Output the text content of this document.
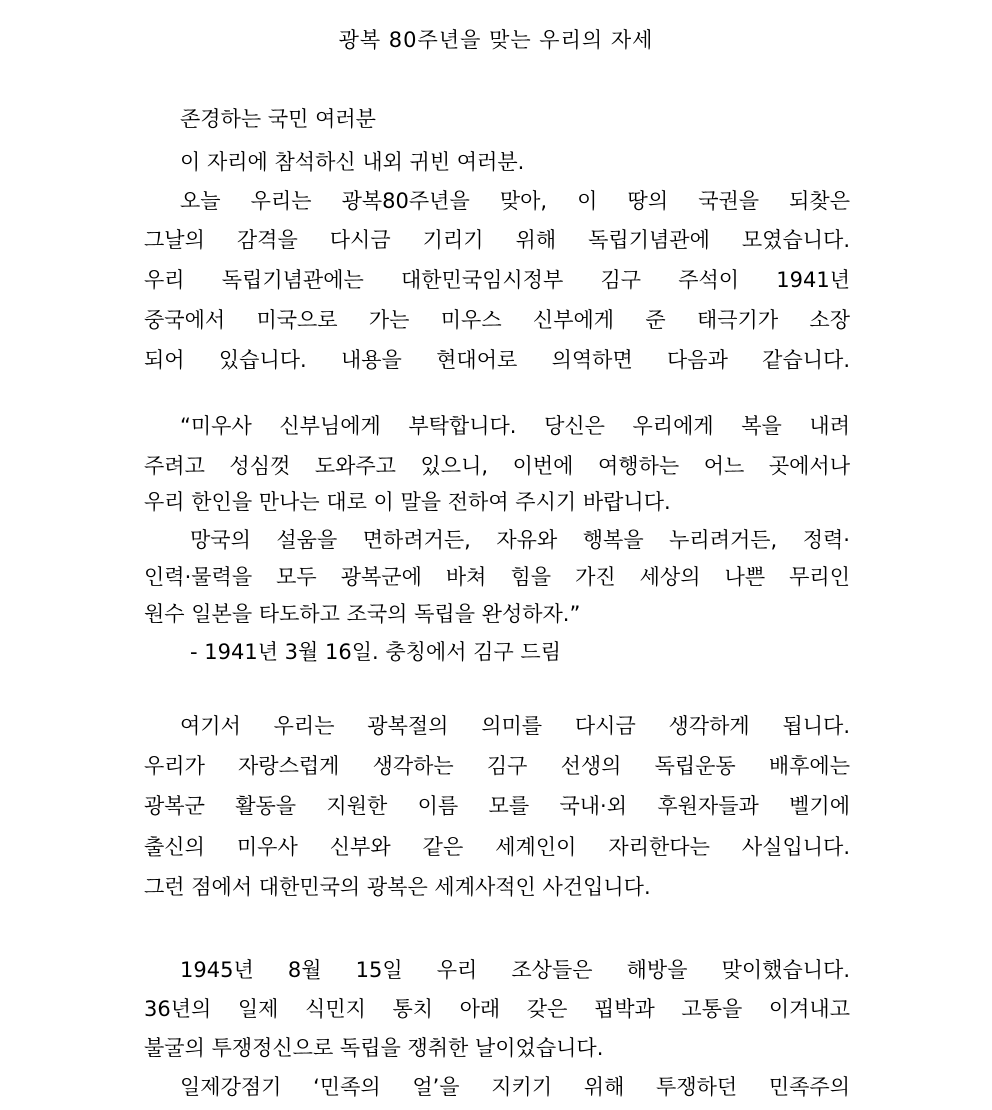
광복 80주년을 맞는 우리의 자세
존경하는 국민 여러분
이 자리에 참석하신 내외 귀빈 여러분.
오늘 우리는 광복80주년을 맞아, 이 땅의 국권을 되찾은
그날의 감격을 다시금 기리기 위해 독립기념관에 모였습니다.
우리 독립기념관에는 대한민국임시정부 김구 주석이 1941년
중국에서 미국으로 가는 미우스 신부에게 준 태극기가 소장
되어 있습니다. 내용을 현대어로 의역하면 다음과 같습니다.
“미우사 신부님에게 부탁합니다. 당신은 우리에게 복을 내려
주려고 성심껏 도와주고 있으니, 이번에 여행하는 어느 곳에서나
우리 한인을 만나는 대로 이 말을 전하여 주시기 바랍니다.
망국의 설움을 면하려거든, 자유와 행복을 누리려거든, 정력·
인력·물력을 모두 광복군에 바쳐 힘을 가진 세상의 나쁜 무리인
원수 일본을 타도하고 조국의 독립을 완성하자.”
- 1941년 3월 16일. 충칭에서 김구 드림
여기서 우리는 광복절의 의미를 다시금 생각하게 됩니다.
우리가 자랑스럽게 생각하는 김구 선생의 독립운동 배후에는
광복군 활동을 지원한 이름 모를 국내·외 후원자들과 벨기에
출신의 미우사 신부와 같은 세계인이 자리한다는 사실입니다.
그런 점에서 대한민국의 광복은 세계사적인 사건입니다.
1945년 8월 15일 우리 조상들은 해방을 맞이했습니다.
36년의 일제 식민지 통치 아래 갖은 핍박과 고통을 이겨내고
불굴의 투쟁정신으로 독립을 쟁취한 날이었습니다.
일제강점기 ‘민족의 얼’을 지키기 위해 투쟁하던 민족주의
